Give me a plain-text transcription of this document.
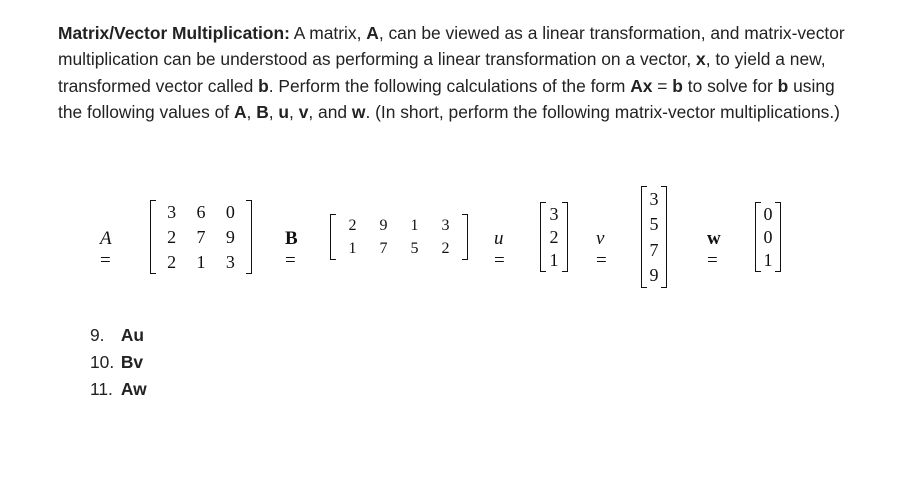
Matrix/Vector Multiplication: A matrix, A, can be viewed as a linear transformation, and matrix-vector multiplication can be understood as performing a linear transformation on a vector, x, to yield a new, transformed vector called b. Perform the following calculations of the form Ax = b to solve for b using the following values of A, B, u, v, and w. (In short, perform the following matrix-vector multiplications.)
A =
3 6 0
2 7 9
2 1 3
B =
2 9 1 3
1 7 5 2 u =
3
2
1
v =
3
5
7
9
w =
0
0
1
9. Au
10. Bv
11. Aw
